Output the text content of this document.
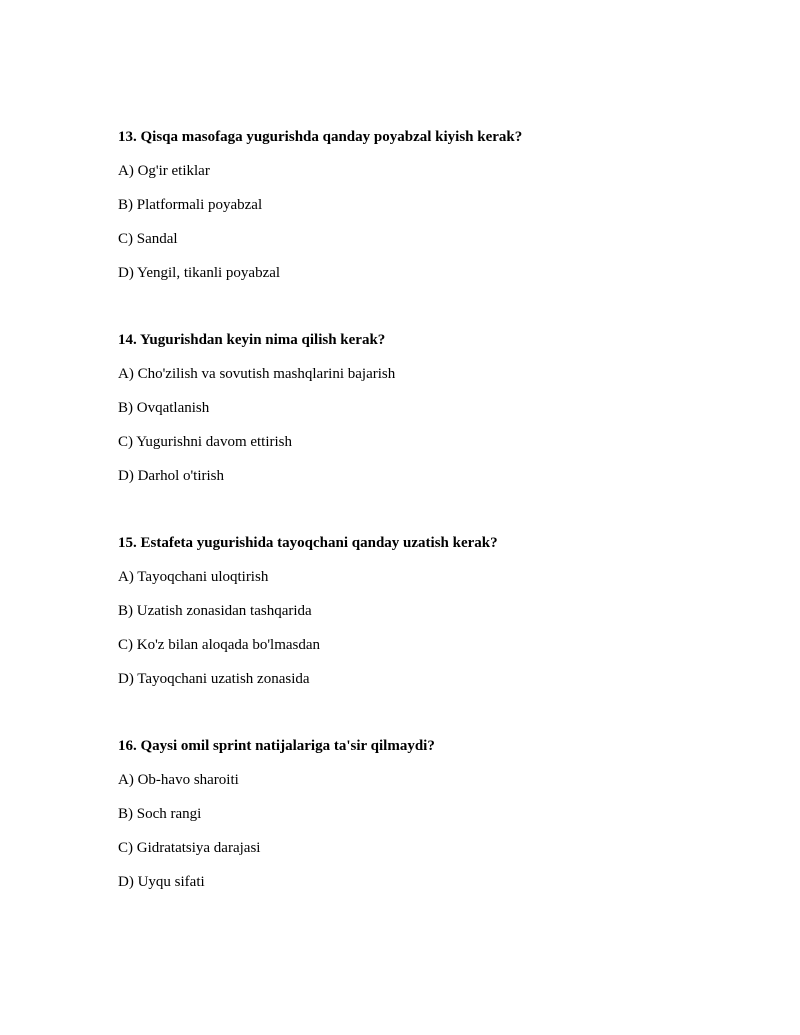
13. Qisqa masofaga yugurishda qanday poyabzal kiyish kerak?

A) Og'ir etiklar

B) Platformali poyabzal

C) Sandal

D) Yengil, tikanli poyabzal

14. Yugurishdan keyin nima qilish kerak?

A) Cho'zilish va sovutish mashqlarini bajarish

B) Ovqatlanish

C) Yugurishni davom ettirish

D) Darhol o'tirish

15. Estafeta yugurishida tayoqchani qanday uzatish kerak?

A) Tayoqchani uloqtirish

B) Uzatish zonasidan tashqarida

C) Ko'z bilan aloqada bo'lmasdan

D) Tayoqchani uzatish zonasida

16. Qaysi omil sprint natijalariga ta'sir qilmaydi?

A) Ob-havo sharoiti

B) Soch rangi

C) Gidratatsiya darajasi

D) Uyqu sifati
